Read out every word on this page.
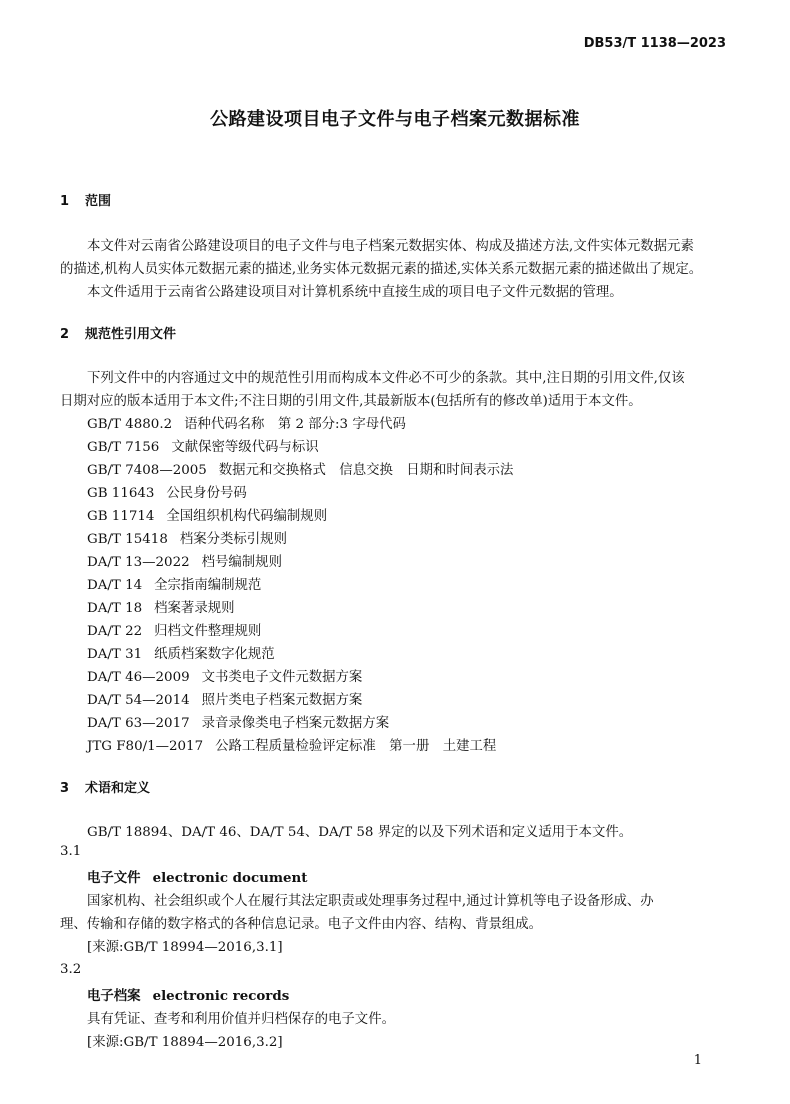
DB53/T 1138—2023
公路建设项目电子文件与电子档案元数据标准
1 范围
本文件对云南省公路建设项目的电子文件与电子档案元数据实体、构成及描述方法,文件实体元数据元素
的描述,机构人员实体元数据元素的描述,业务实体元数据元素的描述,实体关系元数据元素的描述做出了规定。
本文件适用于云南省公路建设项目对计算机系统中直接生成的项目电子文件元数据的管理。
2 规范性引用文件
下列文件中的内容通过文中的规范性引用而构成本文件必不可少的条款。其中,注日期的引用文件,仅该
日期对应的版本适用于本文件;不注日期的引用文件,其最新版本(包括所有的修改单)适用于本文件。
GB/T 4880.2 语种代码名称　第 2 部分:3 字母代码
GB/T 7156 文献保密等级代码与标识
GB/T 7408—2005 数据元和交换格式　信息交换　日期和时间表示法
GB 11643 公民身份号码
GB 11714 全国组织机构代码编制规则
GB/T 15418 档案分类标引规则
DA/T 13—2022 档号编制规则
DA/T 14 全宗指南编制规范
DA/T 18 档案著录规则
DA/T 22 归档文件整理规则
DA/T 31 纸质档案数字化规范
DA/T 46—2009 文书类电子文件元数据方案
DA/T 54—2014 照片类电子档案元数据方案
DA/T 63—2017 录音录像类电子档案元数据方案
JTG F80/1—2017 公路工程质量检验评定标准　第一册　土建工程
3 术语和定义
GB/T 18894、DA/T 46、DA/T 54、DA/T 58 界定的以及下列术语和定义适用于本文件。
3.1
电子文件 electronic document
国家机构、社会组织或个人在履行其法定职责或处理事务过程中,通过计算机等电子设备形成、办
理、传输和存储的数字格式的各种信息记录。电子文件由内容、结构、背景组成。
[来源:GB/T 18994—2016,3.1]
3.2
电子档案 electronic records
具有凭证、查考和利用价值并归档保存的电子文件。
[来源:GB/T 18894—2016,3.2]
1
